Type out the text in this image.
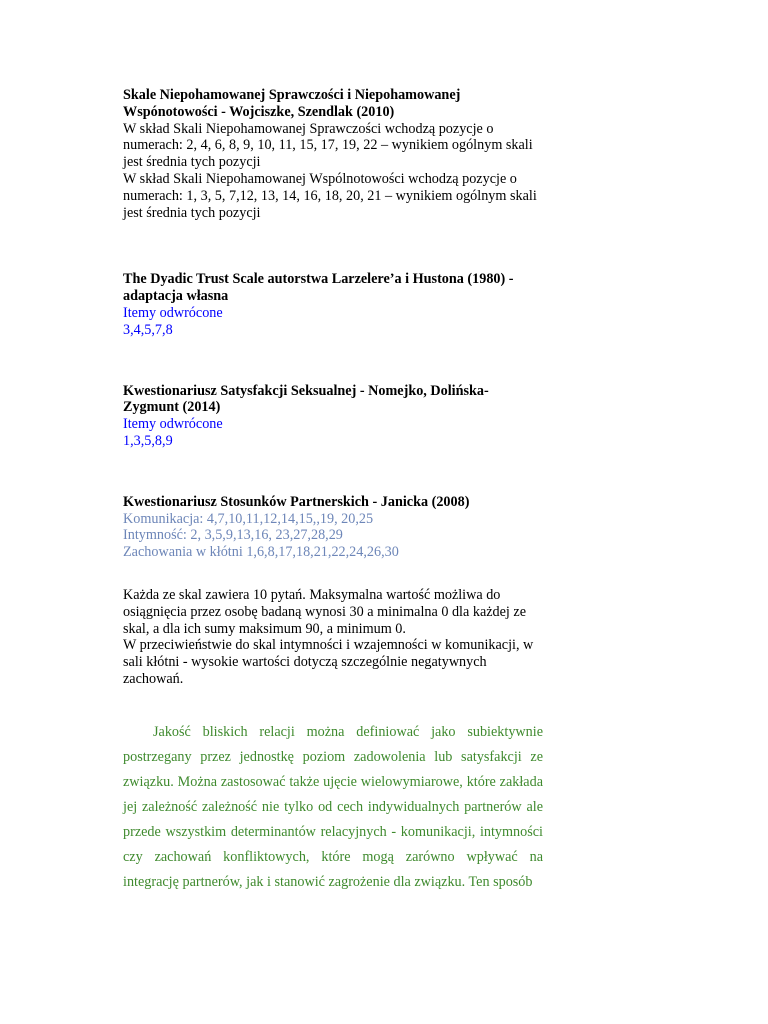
Skale Niepohamowanej Sprawczości i Niepohamowanej Wspónotowości - Wojciszke, Szendlak (2010)
W skład Skali Niepohamowanej Sprawczości wchodzą pozycje o numerach: 2, 4, 6, 8, 9, 10, 11, 15, 17, 19, 22 – wynikiem ogólnym skali jest średnia tych pozycji
W skład Skali Niepohamowanej Wspólnotowości wchodzą pozycje o numerach: 1, 3, 5, 7,12, 13, 14, 16, 18, 20, 21 – wynikiem ogólnym skali jest średnia tych pozycji
The Dyadic Trust Scale autorstwa Larzelere’a i Hustona (1980) - adaptacja własna
Itemy odwrócone
3,4,5,7,8
Kwestionariusz Satysfakcji Seksualnej - Nomejko, Dolińska-Zygmunt (2014)
Itemy odwrócone
1,3,5,8,9
Kwestionariusz Stosunków Partnerskich - Janicka (2008)
Komunikacja: 4,7,10,11,12,14,15,,19, 20,25
Intymność: 2, 3,5,9,13,16, 23,27,28,29
Zachowania w kłótni 1,6,8,17,18,21,22,24,26,30
Każda ze skal zawiera 10 pytań. Maksymalna wartość możliwa do osiągnięcia przez osobę badaną wynosi 30 a minimalna 0 dla każdej ze skal, a dla ich sumy maksimum 90, a minimum 0.
W przeciwieństwie do skal intymności i wzajemności w komunikacji, w sali kłótni - wysokie wartości dotyczą szczególnie negatywnych zachowań.

Jakość bliskich relacji można definiować jako subiektywnie postrzegany przez jednostkę poziom zadowolenia lub satysfakcji ze związku. Można zastosować także ujęcie wielowymiarowe, które zakłada jej zależność zależność nie tylko od cech indywidualnych partnerów ale przede wszystkim determinantów relacyjnych - komunikacji, intymności czy zachowań konfliktowych, które mogą zarówno wpływać na integrację partnerów, jak i stanowić zagrożenie dla związku. Ten sposób
